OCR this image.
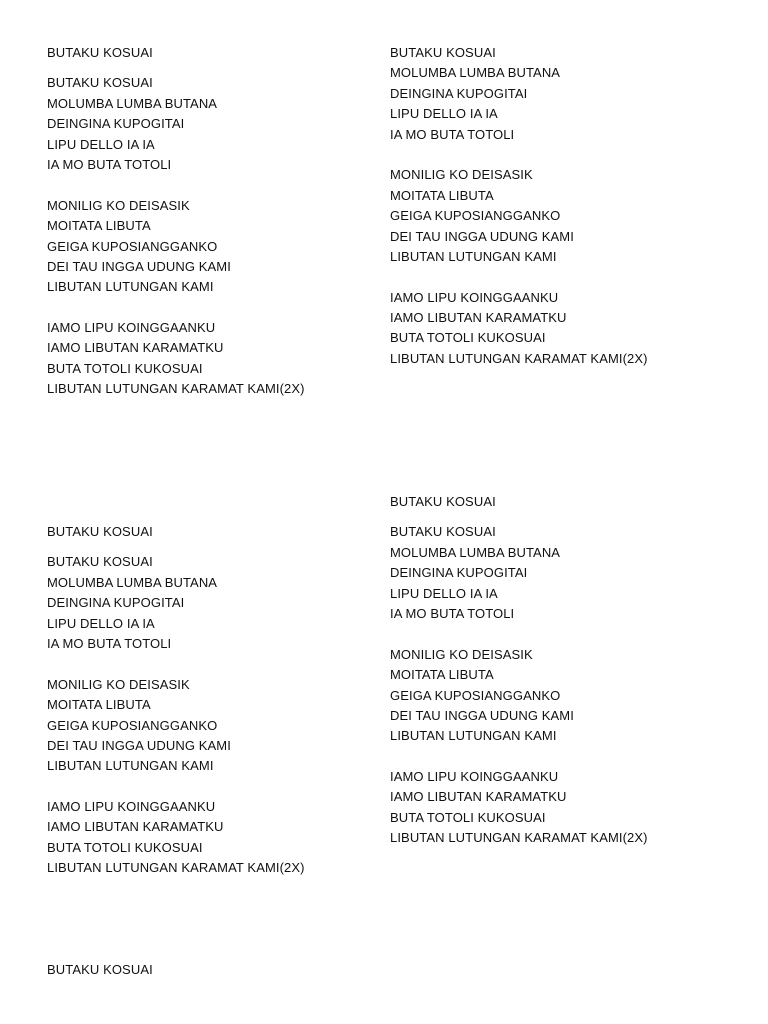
BUTAKU KOSUAI
BUTAKU KOSUAI
MOLUMBA LUMBA BUTANA
DEINGINA KUPOGITAI
LIPU DELLO IA IA
IA MO BUTA TOTOLI
MONILIG KO DEISASIK
MOITATA LIBUTA
GEIGA KUPOSIANGGANKO
DEI TAU INGGA UDUNG KAMI
LIBUTAN LUTUNGAN KAMI
IAMO LIPU KOINGGAANKU
IAMO LIBUTAN KARAMATKU
BUTA TOTOLI KUKOSUAI
LIBUTAN LUTUNGAN KARAMAT KAMI(2X)
BUTAKU KOSUAI
MOLUMBA LUMBA BUTANA
DEINGINA KUPOGITAI
LIPU DELLO IA IA
IA MO BUTA TOTOLI
MONILIG KO DEISASIK
MOITATA LIBUTA
GEIGA KUPOSIANGGANKO
DEI TAU INGGA UDUNG KAMI
LIBUTAN LUTUNGAN KAMI
IAMO LIPU KOINGGAANKU
IAMO LIBUTAN KARAMATKU
BUTA TOTOLI KUKOSUAI
LIBUTAN LUTUNGAN KARAMAT KAMI(2X)
BUTAKU KOSUAI
BUTAKU KOSUAI
MOLUMBA LUMBA BUTANA
DEINGINA KUPOGITAI
LIPU DELLO IA IA
IA MO BUTA TOTOLI
MONILIG KO DEISASIK
MOITATA LIBUTA
GEIGA KUPOSIANGGANKO
DEI TAU INGGA UDUNG KAMI
LIBUTAN LUTUNGAN KAMI
IAMO LIPU KOINGGAANKU
IAMO LIBUTAN KARAMATKU
BUTA TOTOLI KUKOSUAI
LIBUTAN LUTUNGAN KARAMAT KAMI(2X)
BUTAKU KOSUAI
BUTAKU KOSUAI
MOLUMBA LUMBA BUTANA
DEINGINA KUPOGITAI
LIPU DELLO IA IA
IA MO BUTA TOTOLI
MONILIG KO DEISASIK
MOITATA LIBUTA
GEIGA KUPOSIANGGANKO
DEI TAU INGGA UDUNG KAMI
LIBUTAN LUTUNGAN KAMI
IAMO LIPU KOINGGAANKU
IAMO LIBUTAN KARAMATKU
BUTA TOTOLI KUKOSUAI
LIBUTAN LUTUNGAN KARAMAT KAMI(2X)
BUTAKU KOSUAI
